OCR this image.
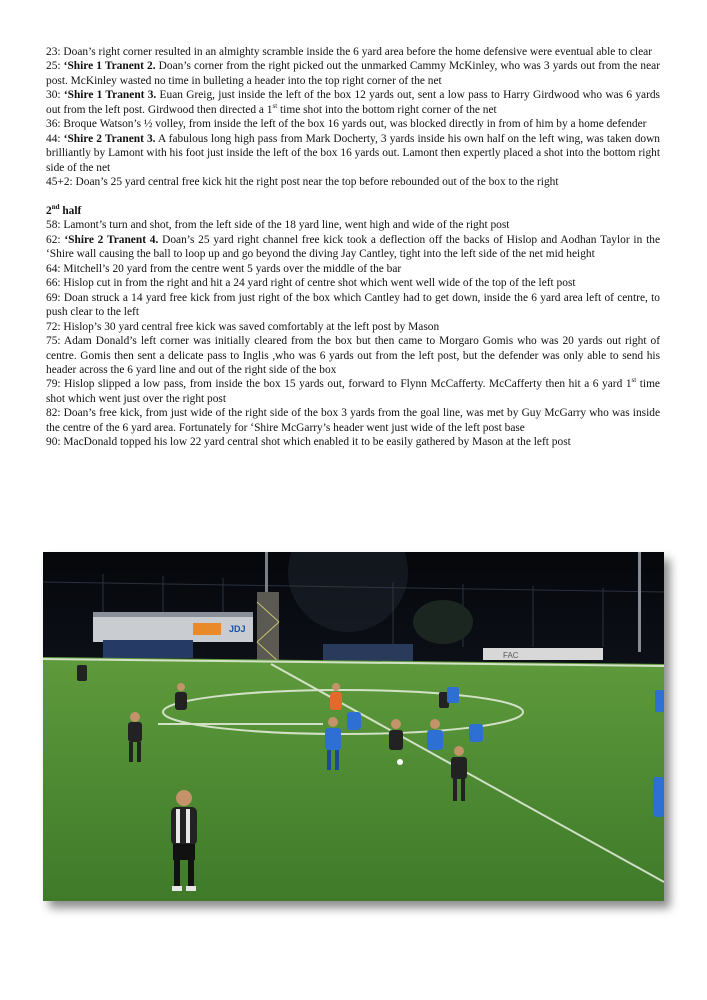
23: Doan’s right corner resulted in an almighty scramble inside the 6 yard area before the home defensive were eventual able to clear

25: ‘Shire 1 Tranent 2. Doan’s corner from the right picked out the unmarked Cammy McKinley, who was 3 yards out from the near post. McKinley wasted no time in bulleting a header into the top right corner of the net

30: ‘Shire 1 Tranent 3. Euan Greig, just inside the left of the box 12 yards out, sent a low pass to Harry Girdwood who was 6 yards out from the left post. Girdwood then directed a 1st time shot into the bottom right corner of the net

36: Broque Watson’s ½ volley, from inside the left of the box 16 yards out, was blocked directly in from of him by a home defender

44: ‘Shire 2 Tranent 3. A fabulous long high pass from Mark Docherty, 3 yards inside his own half on the left wing, was taken down brilliantly by Lamont with his foot just inside the left of the box 16 yards out. Lamont then expertly placed a shot into the bottom right side of the net

45+2: Doan’s 25 yard central free kick hit the right post near the top before rebounded out of the box to the right

2nd half

58: Lamont’s turn and shot, from the left side of the 18 yard line, went high and wide of the right post

62: ‘Shire 2 Tranent 4. Doan’s 25 yard right channel free kick took a deflection off the backs of Hislop and Aodhan Taylor in the ‘Shire wall causing the ball to loop up and go beyond the diving Jay Cantley, tight into the left side of the net mid height

64: Mitchell’s 20 yard from the centre went 5 yards over the middle of the bar

66: Hislop cut in from the right and hit a 24 yard right of centre shot which went well wide of the top of the left post

69: Doan struck a 14 yard free kick from just right of the box which Cantley had to get down, inside the 6 yard area left of centre, to push clear to the left

72: Hislop’s 30 yard central free kick was saved comfortably at the left post by Mason

75: Adam Donald’s left corner was initially cleared from the box but then came to Morgaro Gomis who was 20 yards out right of centre. Gomis then sent a delicate pass to Inglis ,who was 6 yards out from the left post, but the defender was only able to send his header across the 6 yard line and out of the right side of the box

79: Hislop slipped a low pass, from inside the box 15 yards out, forward to Flynn McCafferty. McCafferty then hit a 6 yard 1st time shot which went just over the right post

82: Doan’s free kick, from just wide of the right side of the box 3 yards from the goal line, was met by Guy McGarry who was inside the centre of the 6 yard area. Fortunately for ‘Shire McGarry’s header went just wide of the left post base

90: MacDonald topped his low 22 yard central shot which enabled it to be easily gathered by Mason at the left post

JDJ
FAC
